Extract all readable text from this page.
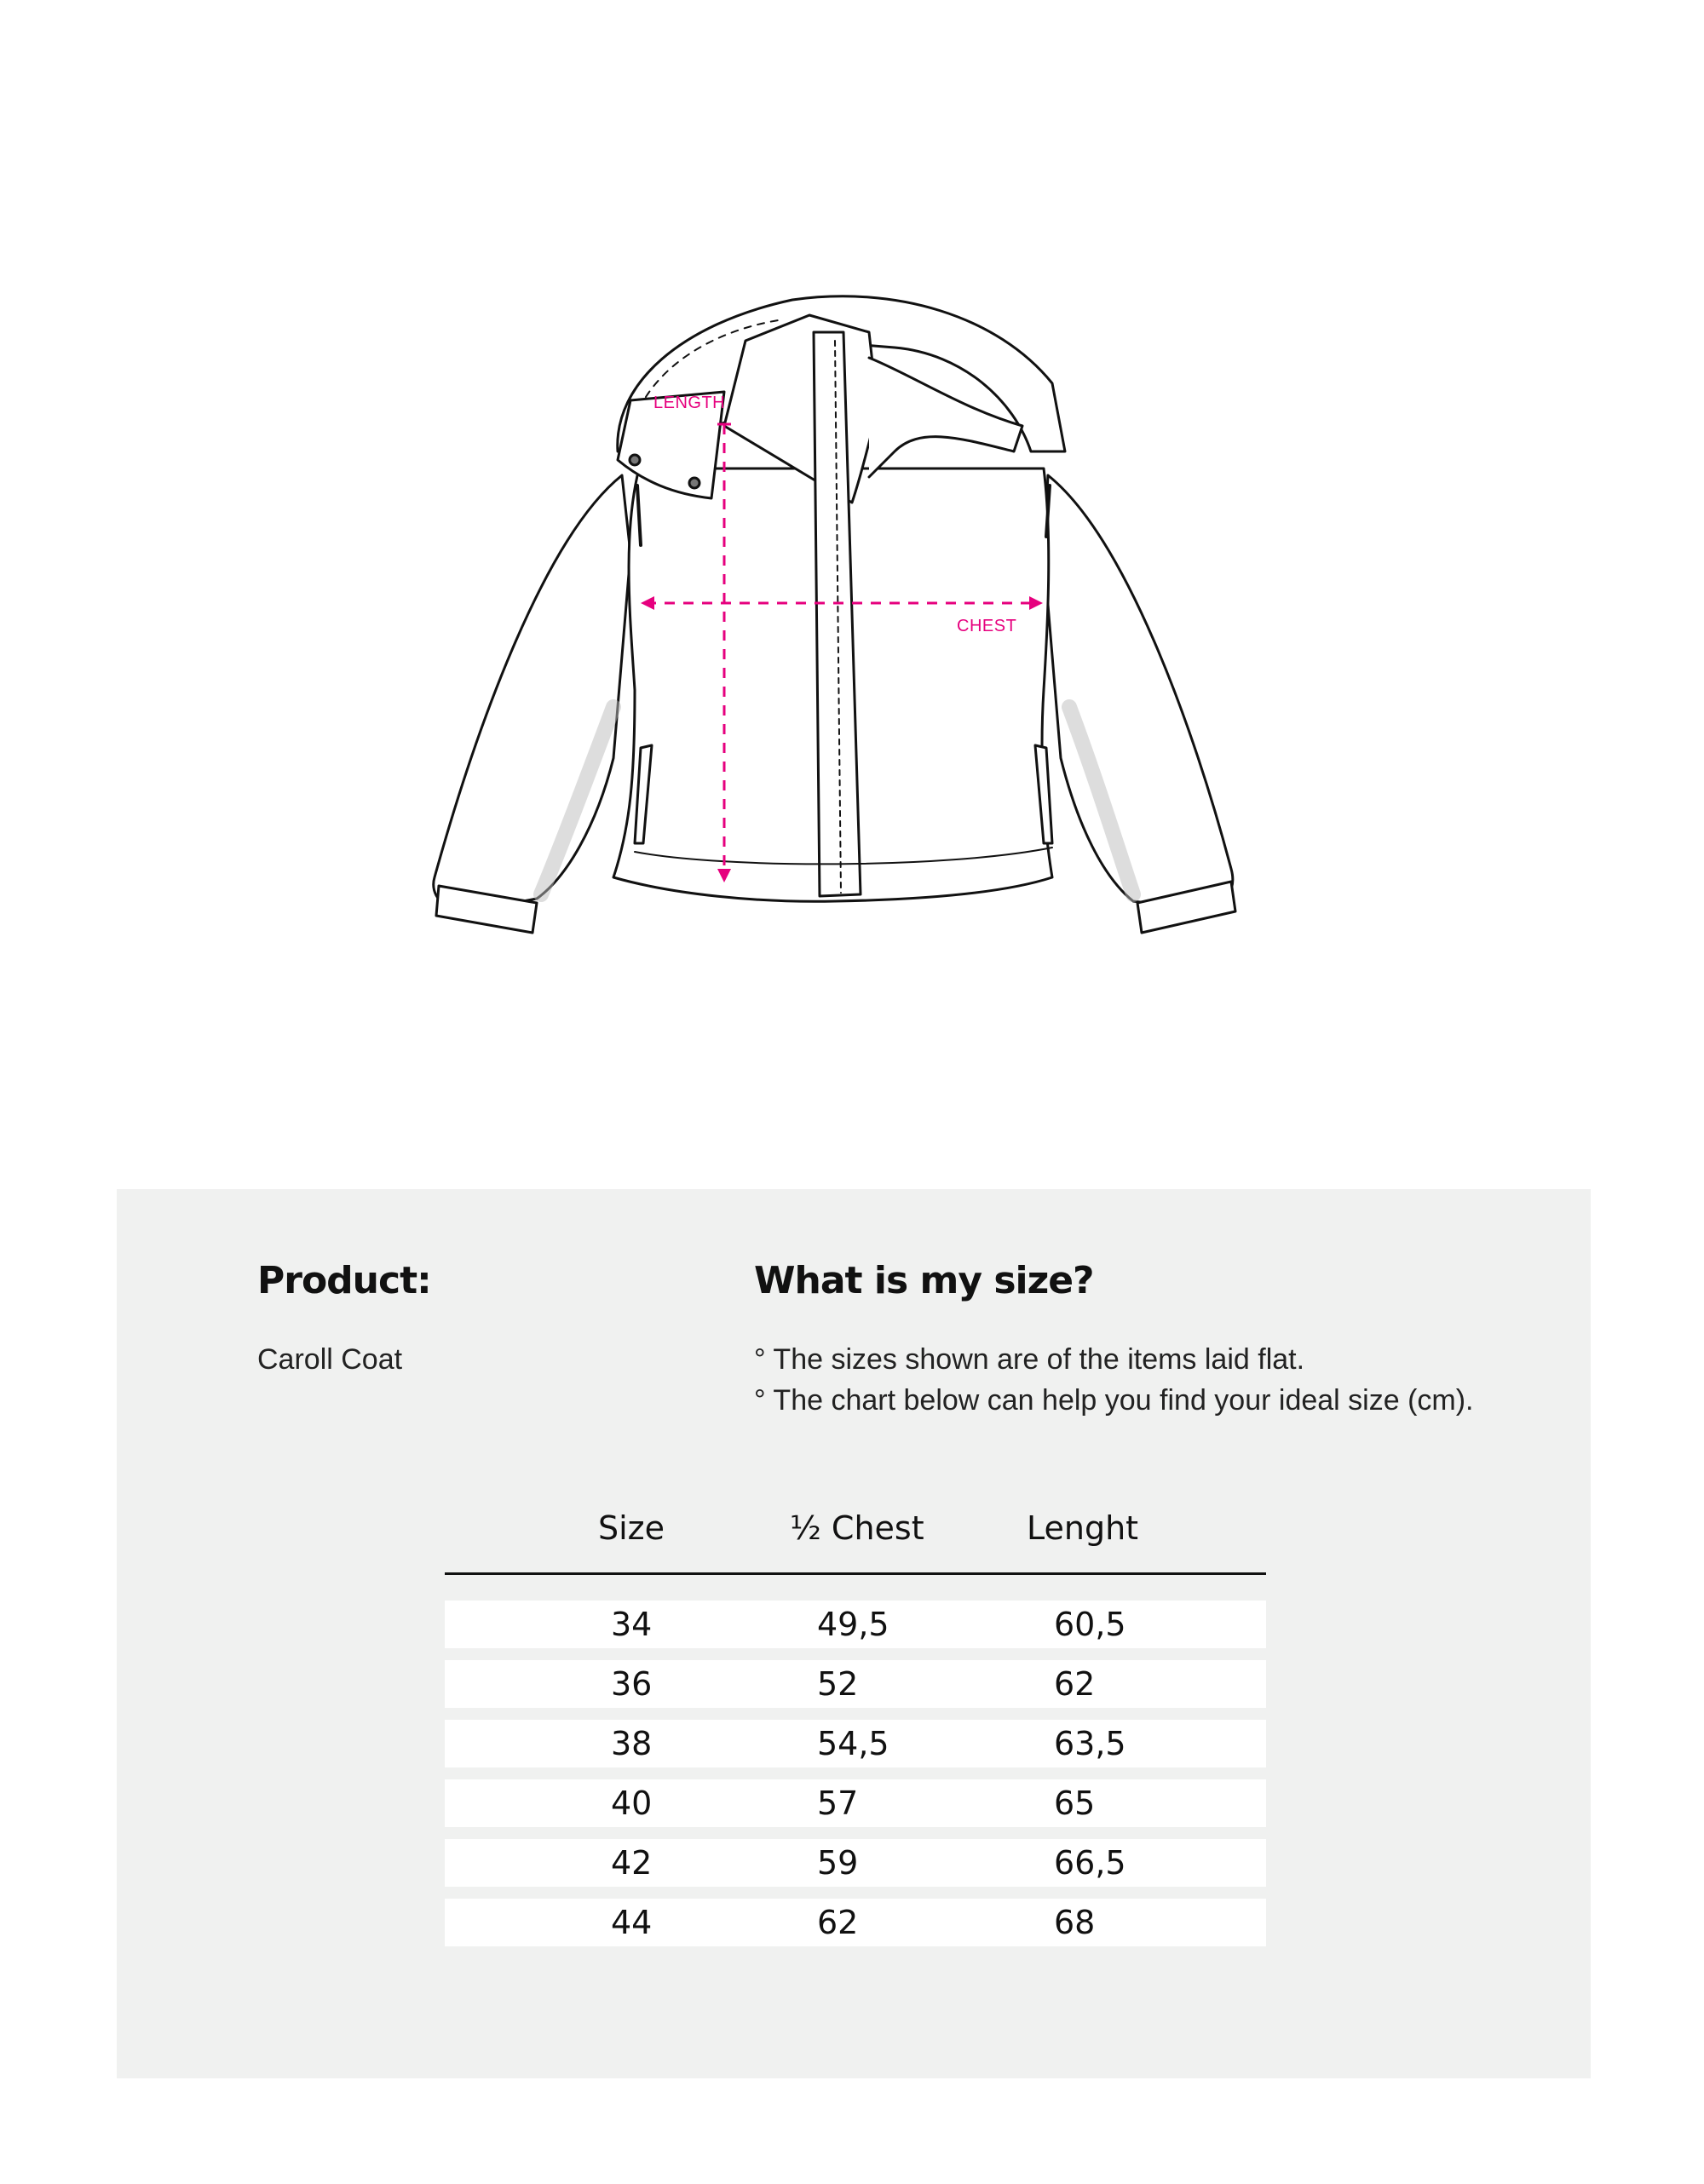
LENGTH
CHEST
Product:
Caroll Coat
What is my size?
° The sizes shown are of the items laid flat.
° The chart below can help you find your ideal size (cm).
Size	½ Chest	Lenght
34	49,5	60,5
36	52	62
38	54,5	63,5
40	57	65
42	59	66,5
44	62	68
